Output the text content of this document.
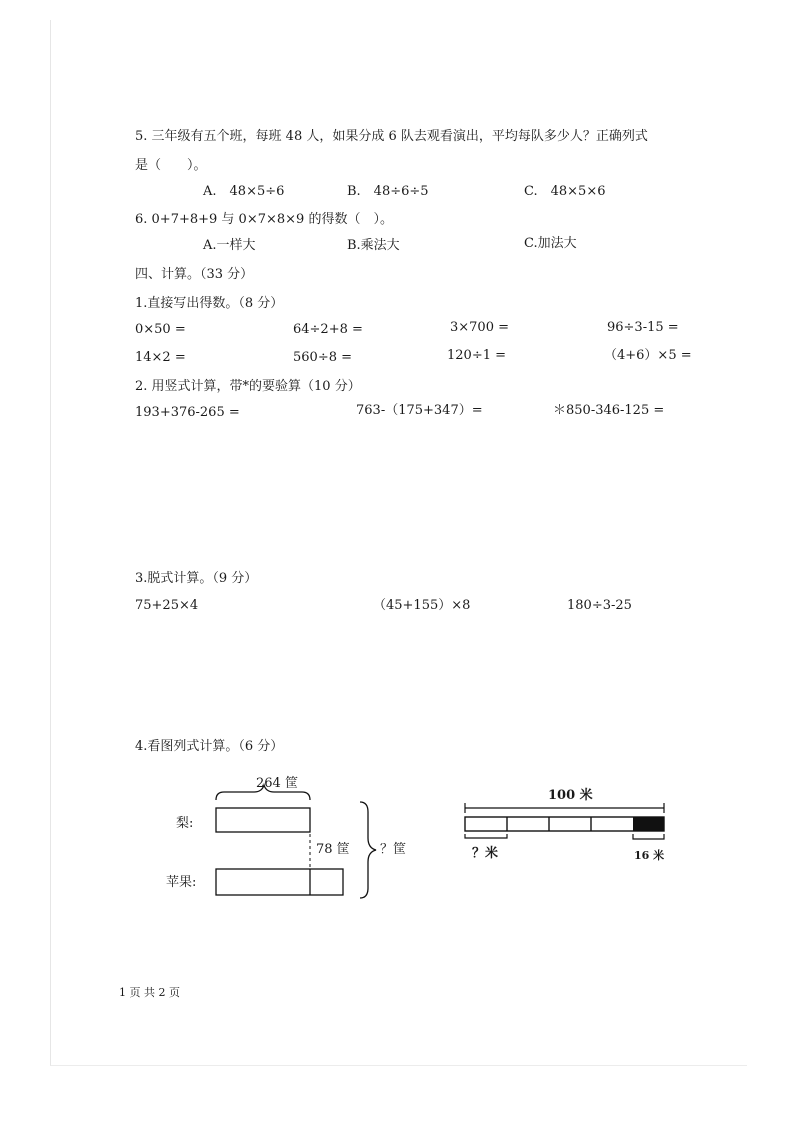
5. 三年级有五个班，每班 48 人，如果分成 6 队去观看演出，平均每队多少人？正确列式
是（　　）。
A.　48×5÷6	B.　48÷6÷5	C.　48×5×6
6. 0+7+8+9 与 0×7×8×9 的得数（　）。
A.一样大	B.乘法大	C.加法大
四、计算。（33 分）
1.直接写出得数。（8 分）
0×50 =	64÷2+8 =	3×700 =	96÷3-15 =
14×2 =	560÷8 =	120÷1 =	（4+6）×5 =
2. 用竖式计算，带*的要验算（10 分）
193+376-265 =	763-（175+347）=	＊850-346-125 =
3.脱式计算。（9 分）
75+25×4	（45+155）×8	180÷3-25
4.看图列式计算。（6 分）
264 筐
梨:
78 筐 ？筐
苹果:
100 米
？米	16 米
1 页 共 2 页
